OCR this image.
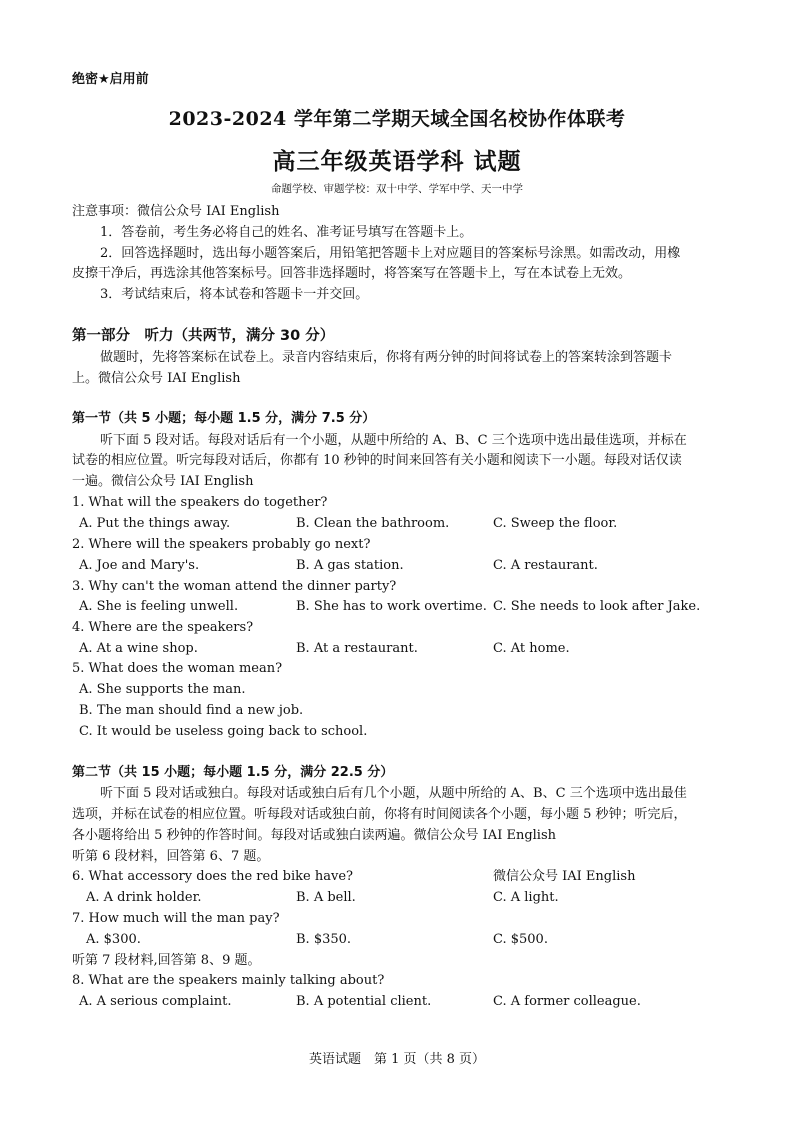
绝密★启用前
2023-2024 学年第二学期天域全国名校协作体联考
高三年级英语学科 试题
命题学校、审题学校：双十中学、学军中学、天一中学
注意事项：微信公众号 IAI English
1．答卷前，考生务必将自己的姓名、准考证号填写在答题卡上。
2．回答选择题时，选出每小题答案后，用铅笔把答题卡上对应题目的答案标号涂黑。如需改动，用橡
皮擦干净后，再选涂其他答案标号。回答非选择题时，将答案写在答题卡上，写在本试卷上无效。
3．考试结束后，将本试卷和答题卡一并交回。
第一部分　听力（共两节，满分 30 分）
做题时，先将答案标在试卷上。录音内容结束后，你将有两分钟的时间将试卷上的答案转涂到答题卡
上。微信公众号 IAI English
第一节（共 5 小题；每小题 1.5 分，满分 7.5 分）
听下面 5 段对话。每段对话后有一个小题，从题中所给的 A、B、C 三个选项中选出最佳选项，并标在
试卷的相应位置。听完每段对话后，你都有 10 秒钟的时间来回答有关小题和阅读下一小题。每段对话仅读
一遍。微信公众号 IAI English
1. What will the speakers do together?
A. Put the things away.	B. Clean the bathroom.	C. Sweep the floor.
2. Where will the speakers probably go next?
A. Joe and Mary's.	B. A gas station.	C. A restaurant.
3. Why can't the woman attend the dinner party?
A. She is feeling unwell.	B. She has to work overtime. C. She needs to look after Jake.
4. Where are the speakers?
A. At a wine shop.	B. At a restaurant.	C. At home.
5. What does the woman mean?
A. She supports the man.
B. The man should find a new job.
C. It would be useless going back to school.
第二节（共 15 小题；每小题 1.5 分，满分 22.5 分）
听下面 5 段对话或独白。每段对话或独白后有几个小题，从题中所给的 A、B、C 三个选项中选出最佳
选项，并标在试卷的相应位置。听每段对话或独白前，你将有时间阅读各个小题，每小题 5 秒钟；听完后，
各小题将给出 5 秒钟的作答时间。每段对话或独白读两遍。微信公众号 IAI English
听第 6 段材料，回答第 6、7 题。
6. What accessory does the red bike have?	微信公众号 IAI English
A. A drink holder.	B. A bell.	C. A light.
7. How much will the man pay?
A. $300.	B. $350.	C. $500.
听第 7 段材料,回答第 8、9 题。
8. What are the speakers mainly talking about?
A. A serious complaint.	B. A potential client.	C. A former colleague.
英语试题　第 1 页（共 8 页）
